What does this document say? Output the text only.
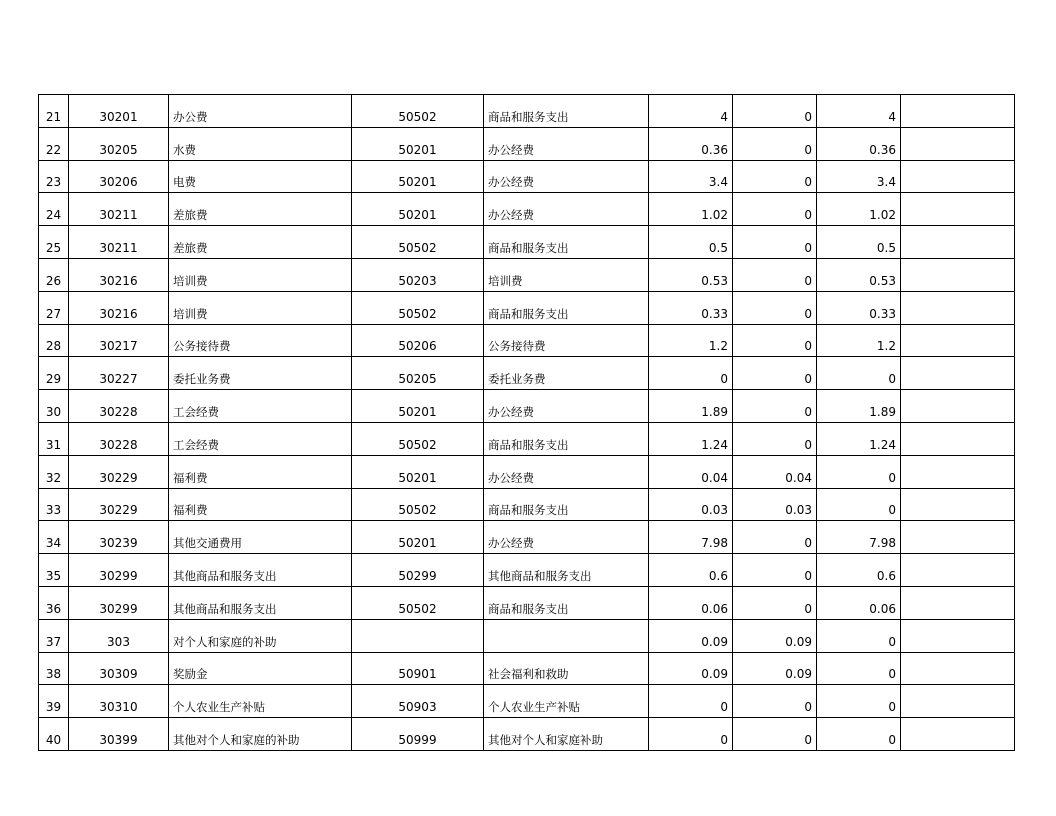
21	30201	办公费	50502	商品和服务支出	4	0	4	
22	30205	水费	50201	办公经费	0.36	0	0.36	
23	30206	电费	50201	办公经费	3.4	0	3.4	
24	30211	差旅费	50201	办公经费	1.02	0	1.02	
25	30211	差旅费	50502	商品和服务支出	0.5	0	0.5	
26	30216	培训费	50203	培训费	0.53	0	0.53	
27	30216	培训费	50502	商品和服务支出	0.33	0	0.33	
28	30217	公务接待费	50206	公务接待费	1.2	0	1.2	
29	30227	委托业务费	50205	委托业务费	0	0	0	
30	30228	工会经费	50201	办公经费	1.89	0	1.89	
31	30228	工会经费	50502	商品和服务支出	1.24	0	1.24	
32	30229	福利费	50201	办公经费	0.04	0.04	0	
33	30229	福利费	50502	商品和服务支出	0.03	0.03	0	
34	30239	其他交通费用	50201	办公经费	7.98	0	7.98	
35	30299	其他商品和服务支出	50299	其他商品和服务支出	0.6	0	0.6	
36	30299	其他商品和服务支出	50502	商品和服务支出	0.06	0	0.06	
37	303	对个人和家庭的补助			0.09	0.09	0	
38	30309	奖励金	50901	社会福利和救助	0.09	0.09	0	
39	30310	个人农业生产补贴	50903	个人农业生产补贴	0	0	0	
40	30399	其他对个人和家庭的补助	50999	其他对个人和家庭补助	0	0	0	
